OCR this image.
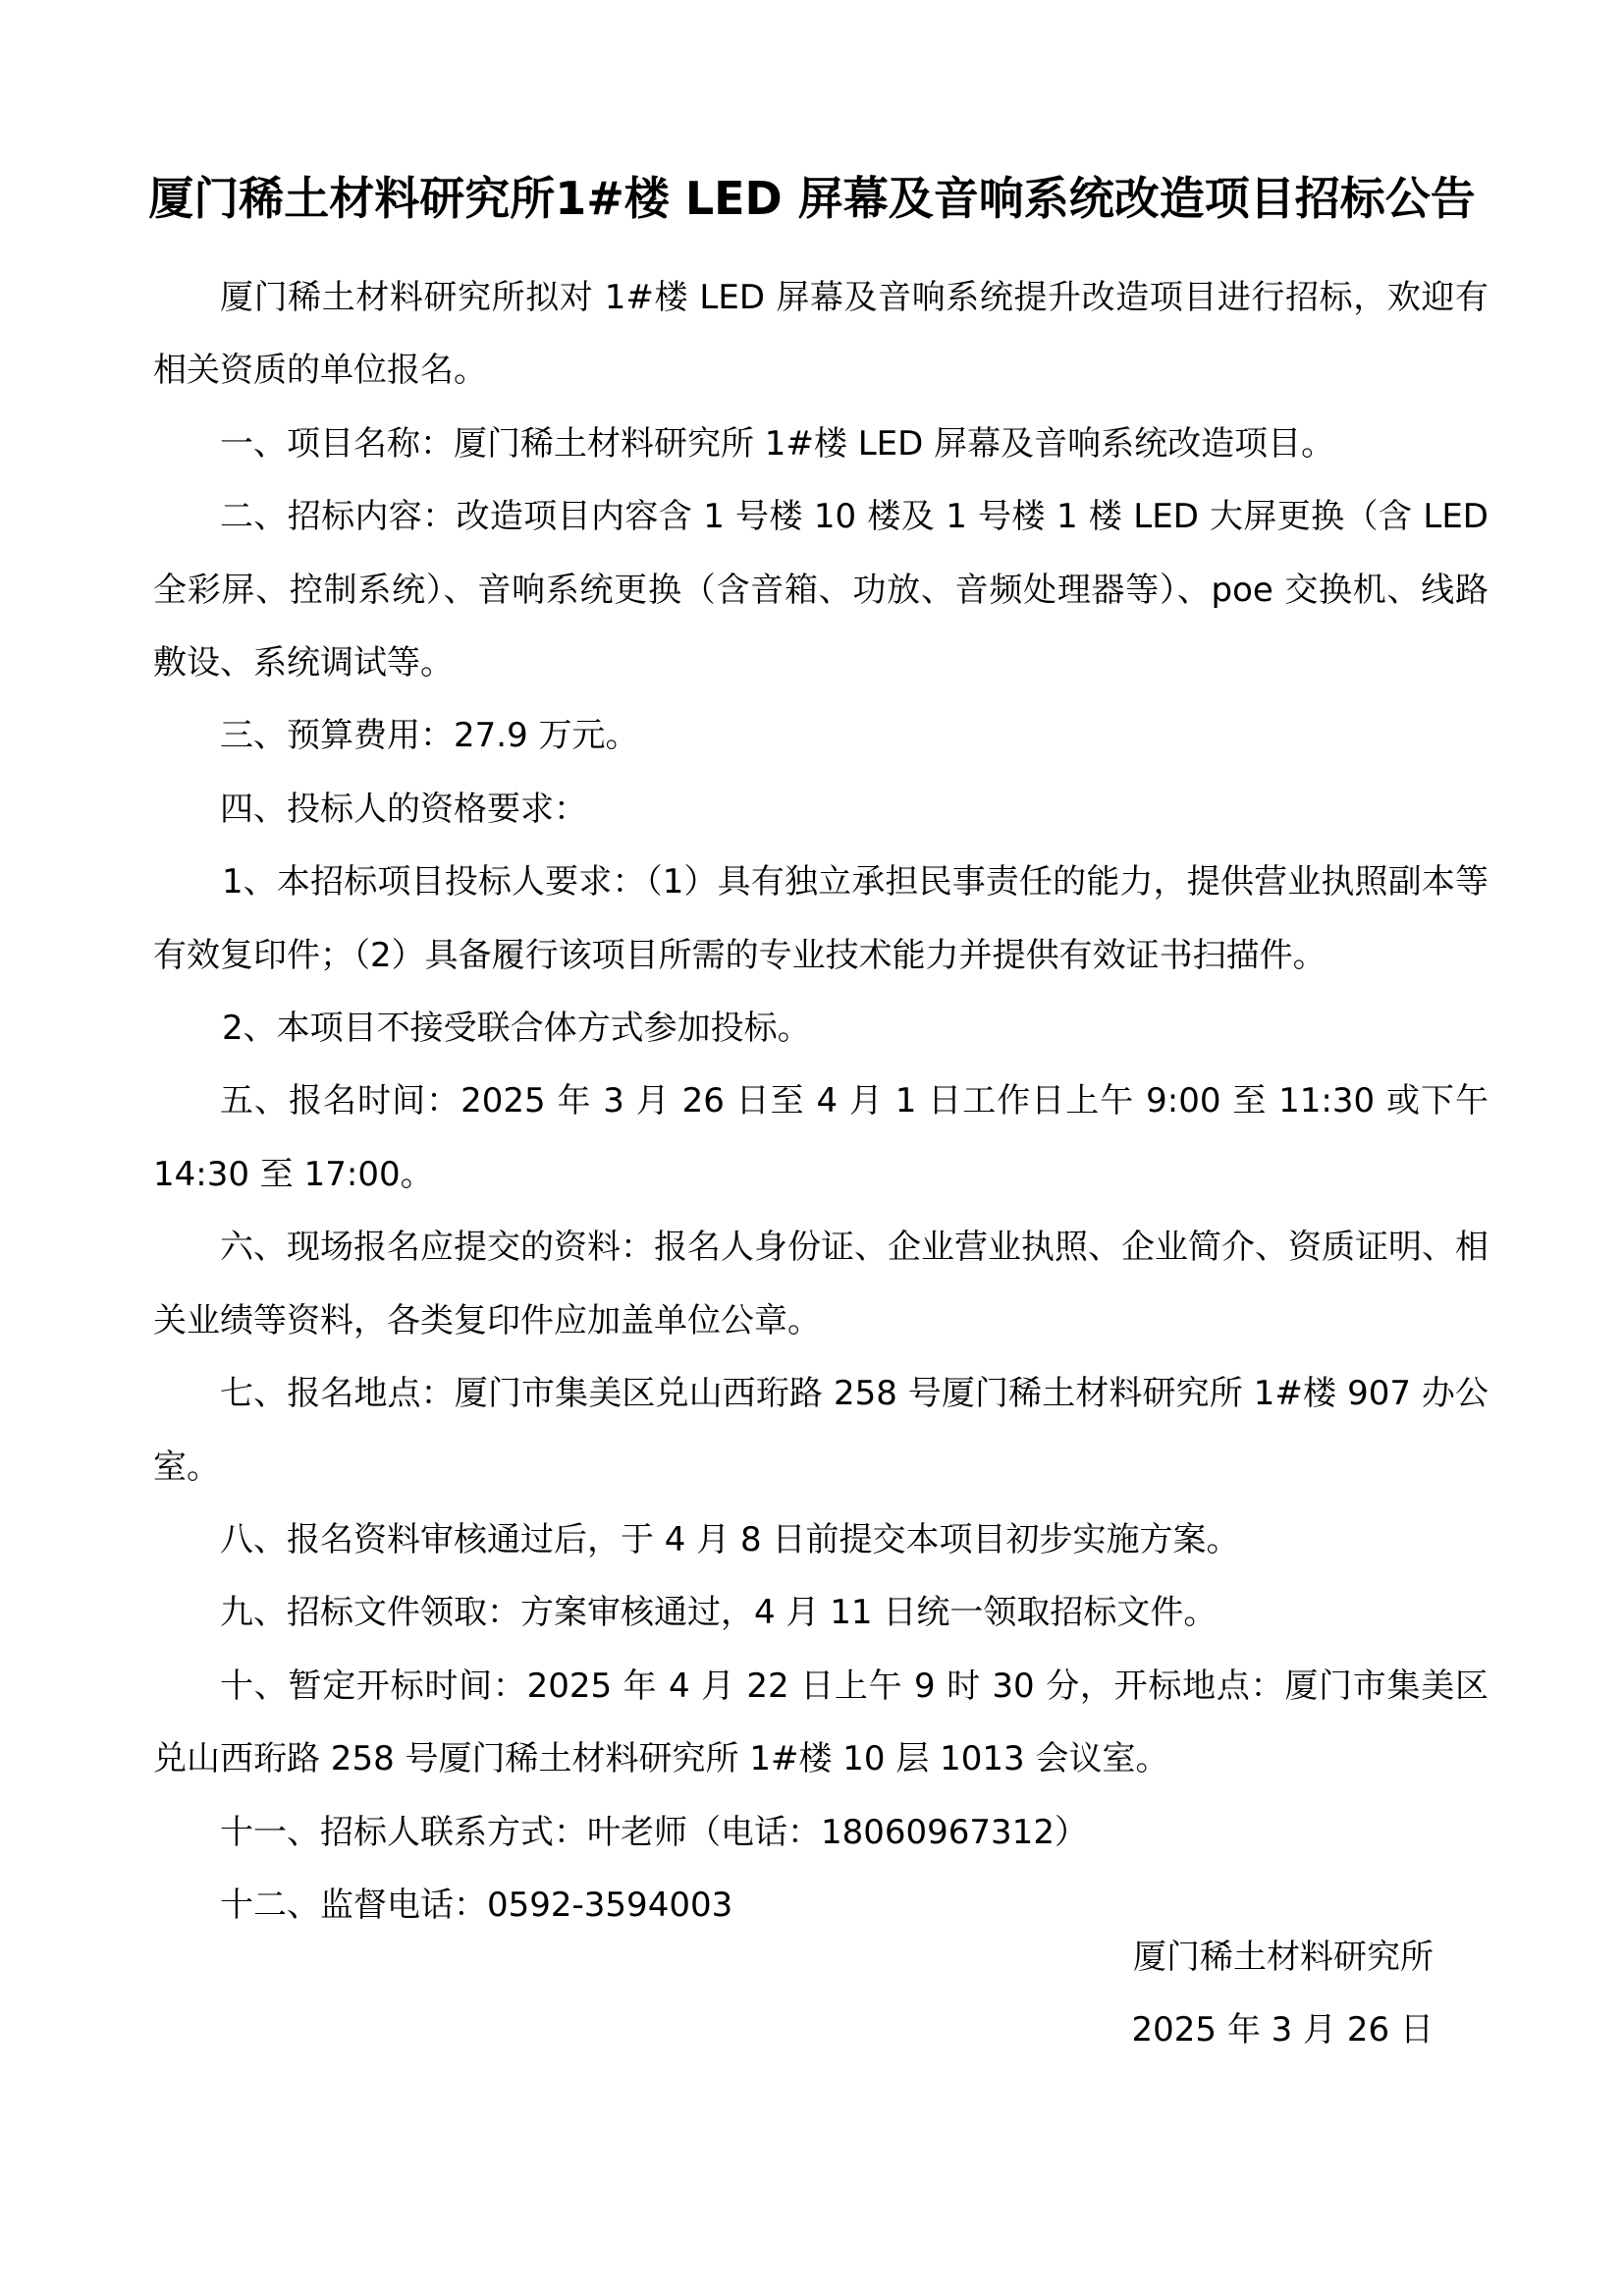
厦门稀土材料研究所1#楼 LED 屏幕及音响系统改造项目招标公告

厦门稀土材料研究所拟对 1#楼 LED 屏幕及音响系统提升改造项目进行招标，欢迎有相关资质的单位报名。

一、项目名称：厦门稀土材料研究所 1#楼 LED 屏幕及音响系统改造项目。

二、招标内容：改造项目内容含 1 号楼 10 楼及 1 号楼 1 楼 LED 大屏更换（含 LED 全彩屏、控制系统）、音响系统更换（含音箱、功放、音频处理器等）、poe 交换机、线路敷设、系统调试等。

三、预算费用：27.9 万元。

四、投标人的资格要求：

1、本招标项目投标人要求：（1）具有独立承担民事责任的能力，提供营业执照副本等有效复印件；（2）具备履行该项目所需的专业技术能力并提供有效证书扫描件。

2、本项目不接受联合体方式参加投标。

五、报名时间：2025 年 3 月 26 日至 4 月 1 日工作日上午 9:00 至 11:30 或下午 14:30 至 17:00。

六、现场报名应提交的资料：报名人身份证、企业营业执照、企业简介、资质证明、相关业绩等资料，各类复印件应加盖单位公章。

七、报名地点：厦门市集美区兑山西珩路 258 号厦门稀土材料研究所 1#楼 907 办公室。

八、报名资料审核通过后，于 4 月 8 日前提交本项目初步实施方案。

九、招标文件领取：方案审核通过，4 月 11 日统一领取招标文件。

十、暂定开标时间：2025 年 4 月 22 日上午 9 时 30 分，开标地点：厦门市集美区兑山西珩路 258 号厦门稀土材料研究所 1#楼 10 层 1013 会议室。

十一、招标人联系方式：叶老师（电话：18060967312）

十二、监督电话：0592-3594003

厦门稀土材料研究所

2025 年 3 月 26 日
